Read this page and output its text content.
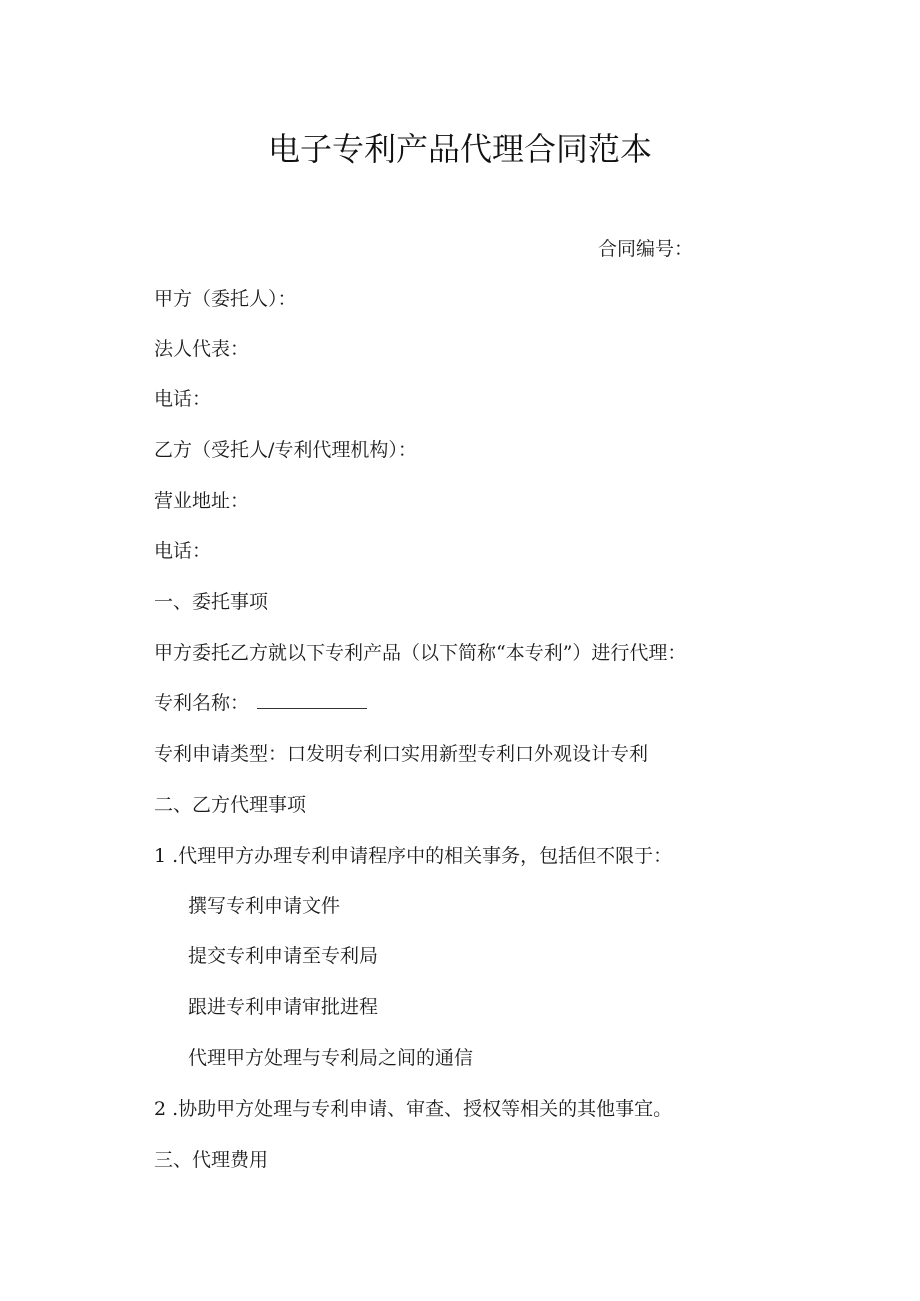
电子专利产品代理合同范本
合同编号：
甲方（委托人）：
法人代表：
电话：
乙方（受托人/专利代理机构）：
营业地址：
电话：
一、委托事项
甲方委托乙方就以下专利产品（以下简称“本专利”）进行代理：
专利名称：
专利申请类型：口发明专利口实用新型专利口外观设计专利
二、乙方代理事项
1 .代理甲方办理专利申请程序中的相关事务，包括但不限于：
撰写专利申请文件
提交专利申请至专利局
跟进专利申请审批进程
代理甲方处理与专利局之间的通信
2 .协助甲方处理与专利申请、审查、授权等相关的其他事宜。
三、代理费用
